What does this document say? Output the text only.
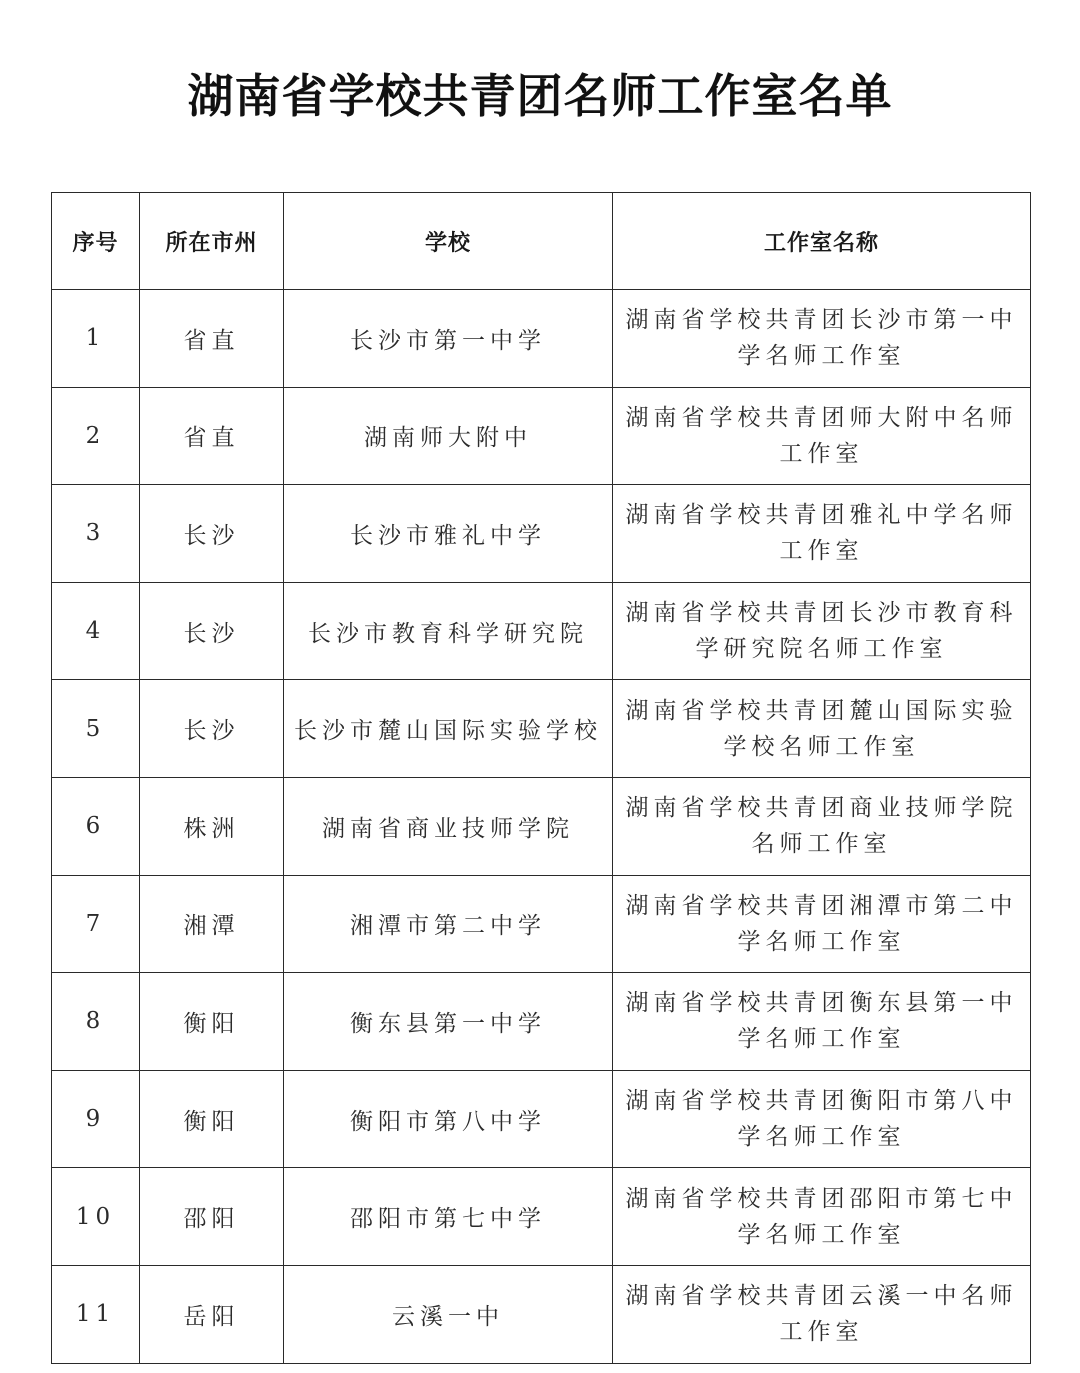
湖南省学校共青团名师工作室名单
序号	所在市州	学校	工作室名称
1	省直	长沙市第一中学	湖南省学校共青团长沙市第一中学名师工作室
2	省直	湖南师大附中	湖南省学校共青团师大附中名师工作室
3	长沙	长沙市雅礼中学	湖南省学校共青团雅礼中学名师工作室
4	长沙	长沙市教育科学研究院	湖南省学校共青团长沙市教育科学研究院名师工作室
5	长沙	长沙市麓山国际实验学校	湖南省学校共青团麓山国际实验学校名师工作室
6	株洲	湖南省商业技师学院	湖南省学校共青团商业技师学院名师工作室
7	湘潭	湘潭市第二中学	湖南省学校共青团湘潭市第二中学名师工作室
8	衡阳	衡东县第一中学	湖南省学校共青团衡东县第一中学名师工作室
9	衡阳	衡阳市第八中学	湖南省学校共青团衡阳市第八中学名师工作室
10	邵阳	邵阳市第七中学	湖南省学校共青团邵阳市第七中学名师工作室
11	岳阳	云溪一中	湖南省学校共青团云溪一中名师工作室
